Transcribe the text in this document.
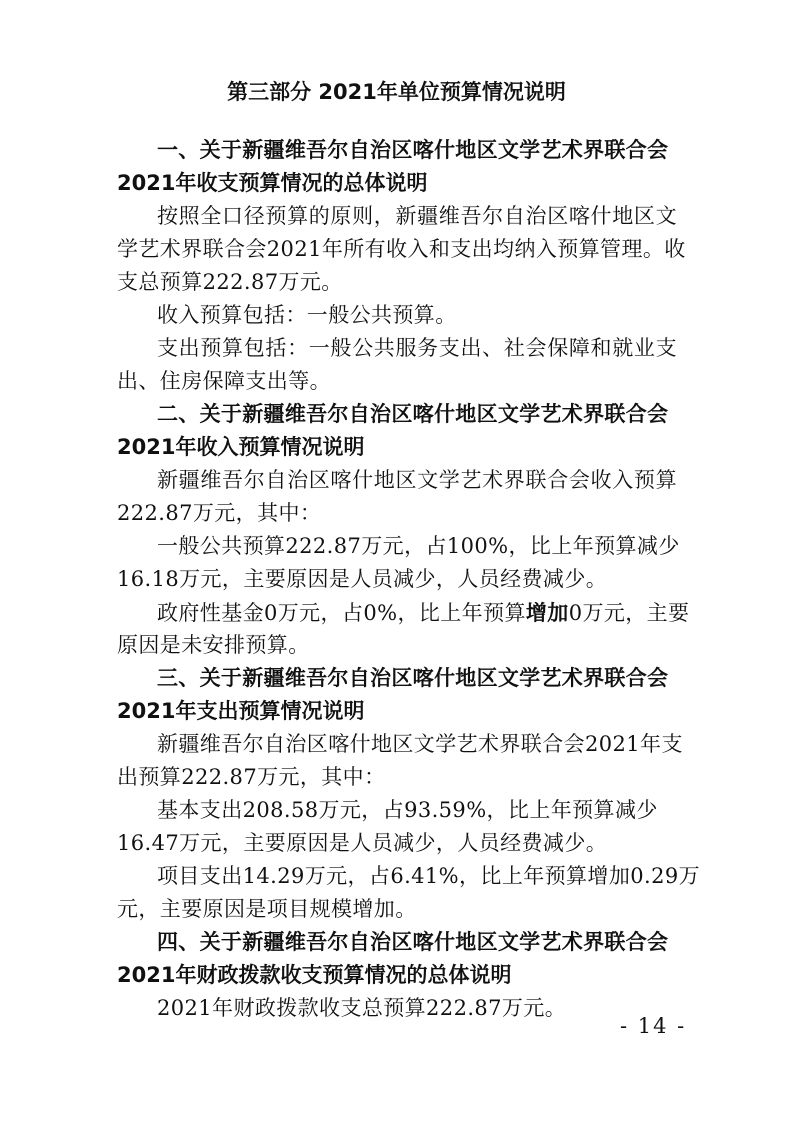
第三部分 2021年单位预算情况说明
一、关于新疆维吾尔自治区喀什地区文学艺术界联合会
2021年收支预算情况的总体说明
按照全口径预算的原则，新疆维吾尔自治区喀什地区文
学艺术界联合会2021年所有收入和支出均纳入预算管理。收
支总预算222.87万元。
收入预算包括：一般公共预算。
支出预算包括：一般公共服务支出、社会保障和就业支
出、住房保障支出等。
二、关于新疆维吾尔自治区喀什地区文学艺术界联合会
2021年收入预算情况说明
新疆维吾尔自治区喀什地区文学艺术界联合会收入预算
222.87万元，其中：
一般公共预算222.87万元，占100%，比上年预算减少
16.18万元，主要原因是人员减少，人员经费减少。
政府性基金0万元，占0%，比上年预算增加0万元，主要
原因是未安排预算。
三、关于新疆维吾尔自治区喀什地区文学艺术界联合会
2021年支出预算情况说明
新疆维吾尔自治区喀什地区文学艺术界联合会2021年支
出预算222.87万元，其中：
基本支出208.58万元，占93.59%，比上年预算减少
16.47万元，主要原因是人员减少，人员经费减少。
项目支出14.29万元，占6.41%，比上年预算增加0.29万
元，主要原因是项目规模增加。
四、关于新疆维吾尔自治区喀什地区文学艺术界联合会
2021年财政拨款收支预算情况的总体说明
2021年财政拨款收支总预算222.87万元。
- 14 -
